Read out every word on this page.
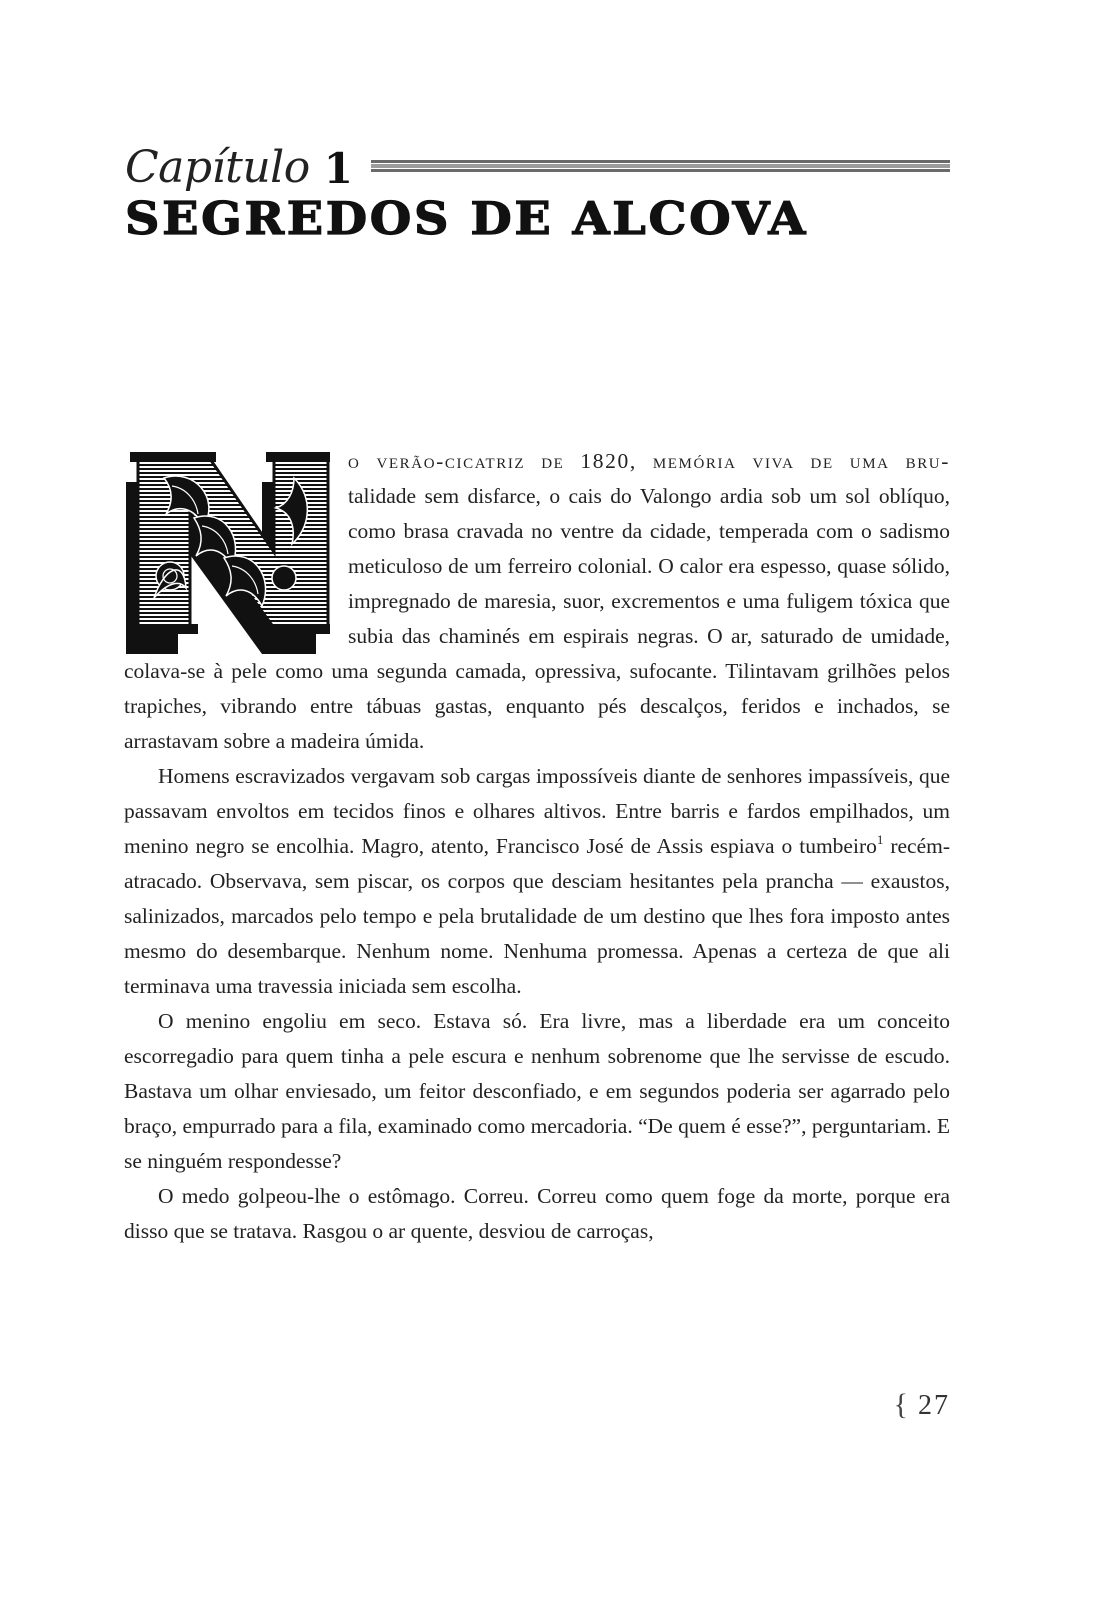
Capítulo 1
SEGREDOS DE ALCOVA

o verão-cicatriz de 1820, memória viva de uma bru- talidade sem disfarce, o cais do Valongo ardia sob um sol oblíquo, como brasa cravada no ventre da cidade, temperada com o sadismo meticuloso de um ferreiro colonial. O calor era espesso, quase sólido, impregnado de maresia, suor, excrementos e uma fuligem tóxica que subia das chaminés em espirais negras. O ar, saturado de umidade, colava-se à pele como uma segunda camada, opressiva, sufocante. Tilintavam grilhões pelos trapiches, vibrando entre tábuas gastas, enquanto pés descalços, feridos e inchados, se arrastavam sobre a madeira úmida.

Homens escravizados vergavam sob cargas impossíveis diante de senhores impassíveis, que passavam envoltos em tecidos finos e olhares altivos. Entre barris e fardos empilhados, um menino negro se encolhia. Magro, atento, Francisco José de Assis espiava o tumbeiro$^1$ recém-atracado. Observava, sem piscar, os corpos que desciam hesitantes pela prancha — exaustos, salinizados, marcados pelo tempo e pela brutalidade de um destino que lhes fora imposto antes mesmo do desembarque. Nenhum nome. Nenhuma promessa. Apenas a certeza de que ali terminava uma travessia iniciada sem escolha.

O menino engoliu em seco. Estava só. Era livre, mas a liberdade era um conceito escorregadio para quem tinha a pele escura e nenhum sobrenome que lhe servisse de escudo. Bastava um olhar enviesado, um feitor desconfiado, e em segundos poderia ser agarrado pelo braço, empurrado para a fila, examinado como mercadoria. “De quem é esse?”, perguntariam. E se ninguém respondesse?

O medo golpeou-lhe o estômago. Correu. Correu como quem foge da morte, porque era disso que se tratava. Rasgou o ar quente, desviou de carroças,

{ 27
